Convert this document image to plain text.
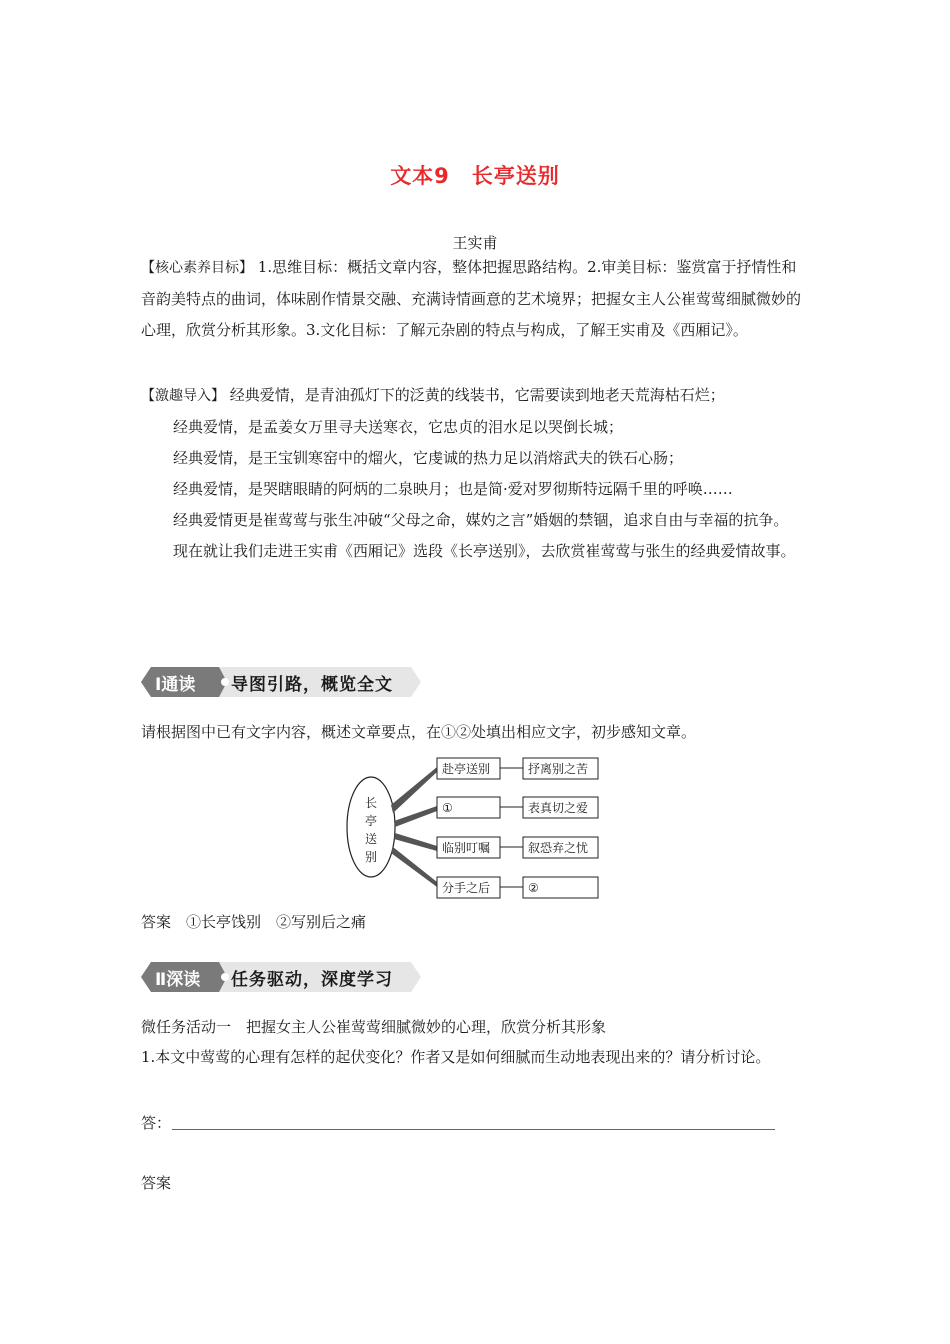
文本9　长亭送别
王实甫
【核心素养目标】 1.思维目标：概括文章内容，整体把握思路结构。2.审美目标：鉴赏富于抒情性和音韵美特点的曲词，体味剧作情景交融、充满诗情画意的艺术境界；把握女主人公崔莺莺细腻微妙的心理，欣赏分析其形象。3.文化目标：了解元杂剧的特点与构成，了解王实甫及《西厢记》。
【激趣导入】 经典爱情，是青油孤灯下的泛黄的线装书，它需要读到地老天荒海枯石烂；
经典爱情，是孟姜女万里寻夫送寒衣，它忠贞的泪水足以哭倒长城；
经典爱情，是王宝钏寒窑中的熘火，它虔诚的热力足以消熔武夫的铁石心肠；
经典爱情，是哭瞎眼睛的阿炳的二泉映月；也是简·爱对罗彻斯特远隔千里的呼唤……
经典爱情更是崔莺莺与张生冲破“父母之命，媒妁之言”婚姻的禁锢，追求自由与幸福的抗争。
现在就让我们走进王实甫《西厢记》选段《长亭送别》，去欣赏崔莺莺与张生的经典爱情故事。
Ⅰ通读 导图引路，概览全文
请根据图中已有文字内容，概述文章要点，在①②处填出相应文字，初步感知文章。
长
亭
送
别
赴亭送别
①
临别叮嘱
分手之后
抒离别之苦
表真切之爱
叙恐弃之忧
②
答案　①长亭饯别　②写别后之痛
Ⅱ深读 任务驱动，深度学习
微任务活动一　把握女主人公崔莺莺细腻微妙的心理，欣赏分析其形象
1.本文中莺莺的心理有怎样的起伏变化？作者又是如何细腻而生动地表现出来的？请分析讨论。
答：
答案
